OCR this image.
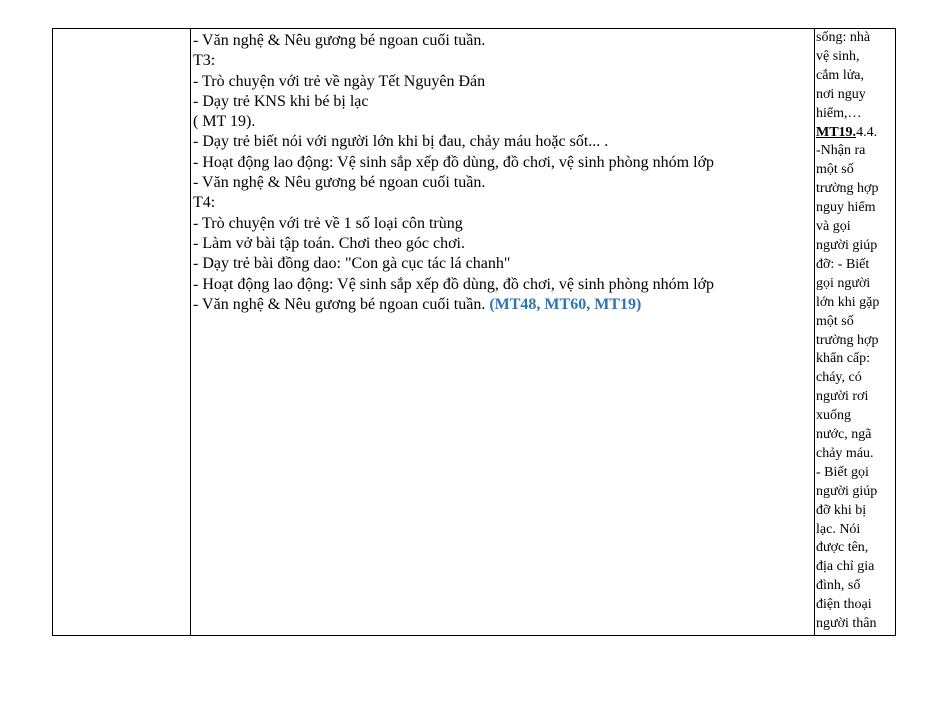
- Văn nghệ & Nêu gương bé ngoan cuối tuần.
T3:
- Trò chuyện với trẻ về ngày Tết Nguyên Đán
- Dạy trẻ KNS khi bé bị lạc
( MT 19).
- Dạy trẻ biết nói với người lớn khi bị đau, chảy máu hoặc sốt... .
- Hoạt động lao động: Vệ sinh sắp xếp đồ dùng, đồ chơi, vệ sinh phòng nhóm lớp
- Văn nghệ & Nêu gương bé ngoan cuối tuần.
T4:
- Trò chuyện với trẻ về 1 số loại côn trùng
- Làm vở bài tập toán. Chơi theo góc chơi.
- Dạy trẻ bài đồng dao: "Con gà cục tác lá chanh"
- Hoạt động lao động: Vệ sinh sắp xếp đồ dùng, đồ chơi, vệ sinh phòng nhóm lớp
- Văn nghệ & Nêu gương bé ngoan cuối tuần. (MT48, MT60, MT19)

sống: nhà
vệ sinh,
cắm lửa,
nơi nguy
hiểm,…
MT19.4.4.
-Nhận ra
một số
trường hợp
nguy hiểm
và gọi
người giúp
đỡ: - Biết
gọi người
lớn khi gặp
một số
trường hợp
khẩn cấp:
cháy, có
người rơi
xuống
nước, ngã
chảy máu.
- Biết gọi
người giúp
đỡ khi bị
lạc. Nói
được tên,
địa chỉ gia
đình, số
điện thoại
người thân
